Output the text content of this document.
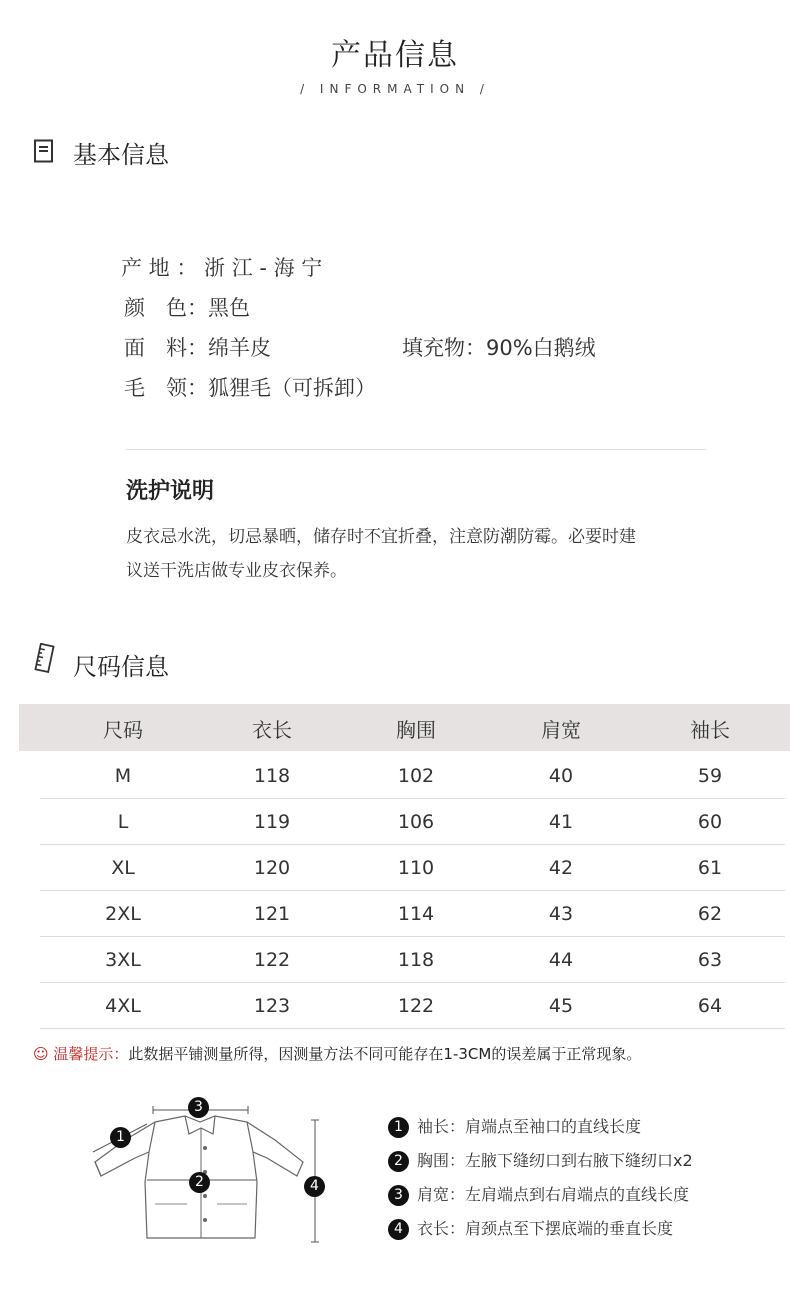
产品信息
/ INFORMATION /
基本信息
产 地 ： 浙 江 - 海 宁
颜　色：黑色
面　料：绵羊皮	填充物：90%白鹅绒
毛　领：狐狸毛（可拆卸）
洗护说明
皮衣忌水洗，切忌暴晒，储存时不宜折叠，注意防潮防霉。必要时建
议送干洗店做专业皮衣保养。
尺码信息
尺码	衣长	胸围	肩宽	袖长
M	118	102	40	59
L	119	106	41	60
XL	120	110	42	61
2XL	121	114	43	62
3XL	122	118	44	63
4XL	123	122	45	64
☺ 温馨提示：此数据平铺测量所得，因测量方法不同可能存在1-3CM的误差属于正常现象。
3
1
2	4
1 袖长：肩端点至袖口的直线长度
2 胸围：左腋下缝纫口到右腋下缝纫口x2
3 肩宽：左肩端点到右肩端点的直线长度
4 衣长：肩颈点至下摆底端的垂直长度
